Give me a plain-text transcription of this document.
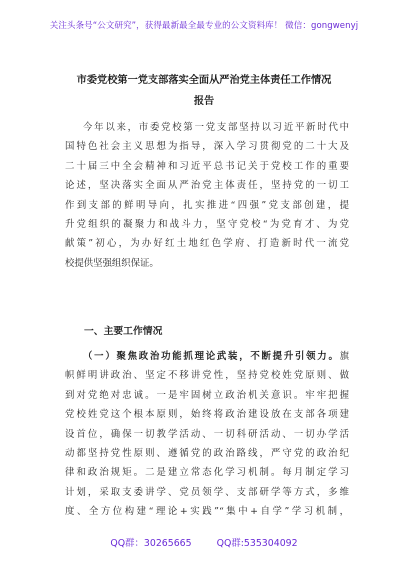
关注头条号“公文研究”，获得最新最全最专业的公文资料库！ 微信：gongwenyj
市委党校第一党支部落实全面从严治党主体责任工作情况
报告
今年以来，市委党校第一党支部坚持以习近平新时代中
国特色社会主义思想为指导，深入学习贯彻党的二十大及
二十届三中全会精神和习近平总书记关于党校工作的重要
论述，坚决落实全面从严治党主体责任，坚持党的一切工
作到支部的鲜明导向，扎实推进“四强”党支部创建，提
升党组织的凝聚力和战斗力，坚守党校“为党育才、为党
献策”初心，为办好红土地红色学府、打造新时代一流党
校提供坚强组织保证。
一、主要工作情况
（一）聚焦政治功能抓理论武装，不断提升引领力。旗
帜鲜明讲政治、坚定不移讲党性，坚持党校姓党原则、做
到对党绝对忠诚。一是牢固树立政治机关意识。牢牢把握
党校姓党这个根本原则，始终将政治建设放在支部各项建
设首位，确保一切教学活动、一切科研活动、一切办学活
动都坚持党性原则、遵循党的政治路线，严守党的政治纪
律和政治规矩。二是建立常态化学习机制。每月制定学习
计划，采取支委讲学、党员领学、支部研学等方式，多维
度、全方位构建“理论+实践”“集中+自学”学习机制，
QQ群：30265665	QQ群:535304092
